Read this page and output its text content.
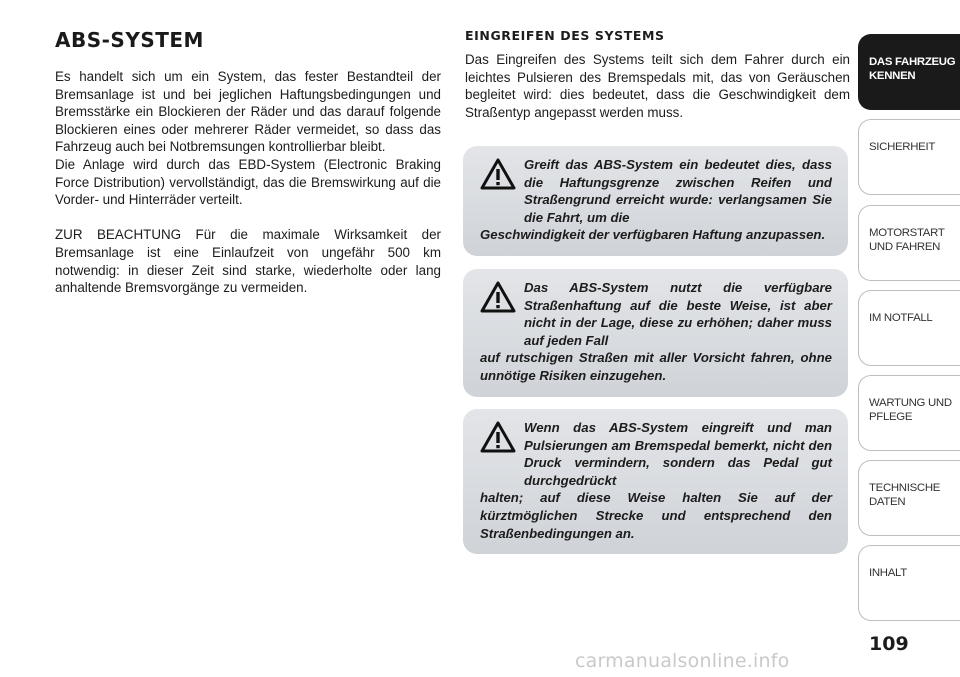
ABS-SYSTEM

Es handelt sich um ein System, das fester Bestandteil der Bremsanlage ist und bei jeglichen Haftungsbedingungen und Bremsstärke ein Blockieren der Räder und das darauf folgende Blockieren eines oder mehrerer Räder vermeidet, so dass das Fahrzeug auch bei Notbremsungen kontrollierbar bleibt.

Die Anlage wird durch das EBD-System (Electronic Braking Force Distribution) vervollständigt, das die Bremswirkung auf die Vorder- und Hinterräder verteilt.

ZUR BEACHTUNG Für die maximale Wirksamkeit der Bremsanlage ist eine Einlaufzeit von ungefähr 500 km notwendig: in dieser Zeit sind starke, wiederholte oder lang anhaltende Bremsvorgänge zu vermeiden.

EINGREIFEN DES SYSTEMS

Das Eingreifen des Systems teilt sich dem Fahrer durch ein leichtes Pulsieren des Bremspedals mit, das von Geräuschen begleitet wird: dies bedeutet, dass die Geschwindigkeit dem Straßentyp angepasst werden muss.

Greift das ABS-System ein bedeutet dies, dass die Haftungsgrenze zwischen Reifen und Straßengrund erreicht wurde: verlangsamen Sie die Fahrt, um die
Geschwindigkeit der verfügbaren Haftung anzupassen.
Das ABS-System nutzt die verfügbare Straßenhaftung auf die beste Weise, ist aber nicht in der Lage, diese zu erhöhen; daher muss auf jeden Fall
auf rutschigen Straßen mit aller Vorsicht fahren, ohne unnötige Risiken einzugehen.
Wenn das ABS-System eingreift und man Pulsierungen am Bremspedal bemerkt, nicht den Druck vermindern, sondern das Pedal gut durchgedrückt
halten; auf diese Weise halten Sie auf der kürztmöglichen Strecke und entsprechend den Straßenbedingungen an.
DAS FAHRZEUG KENNEN
SICHERHEIT
MOTORSTART UND FAHREN
IM NOTFALL
WARTUNG UND PFLEGE
TECHNISCHE DATEN
INHALT
109
carmanualsonline.info
